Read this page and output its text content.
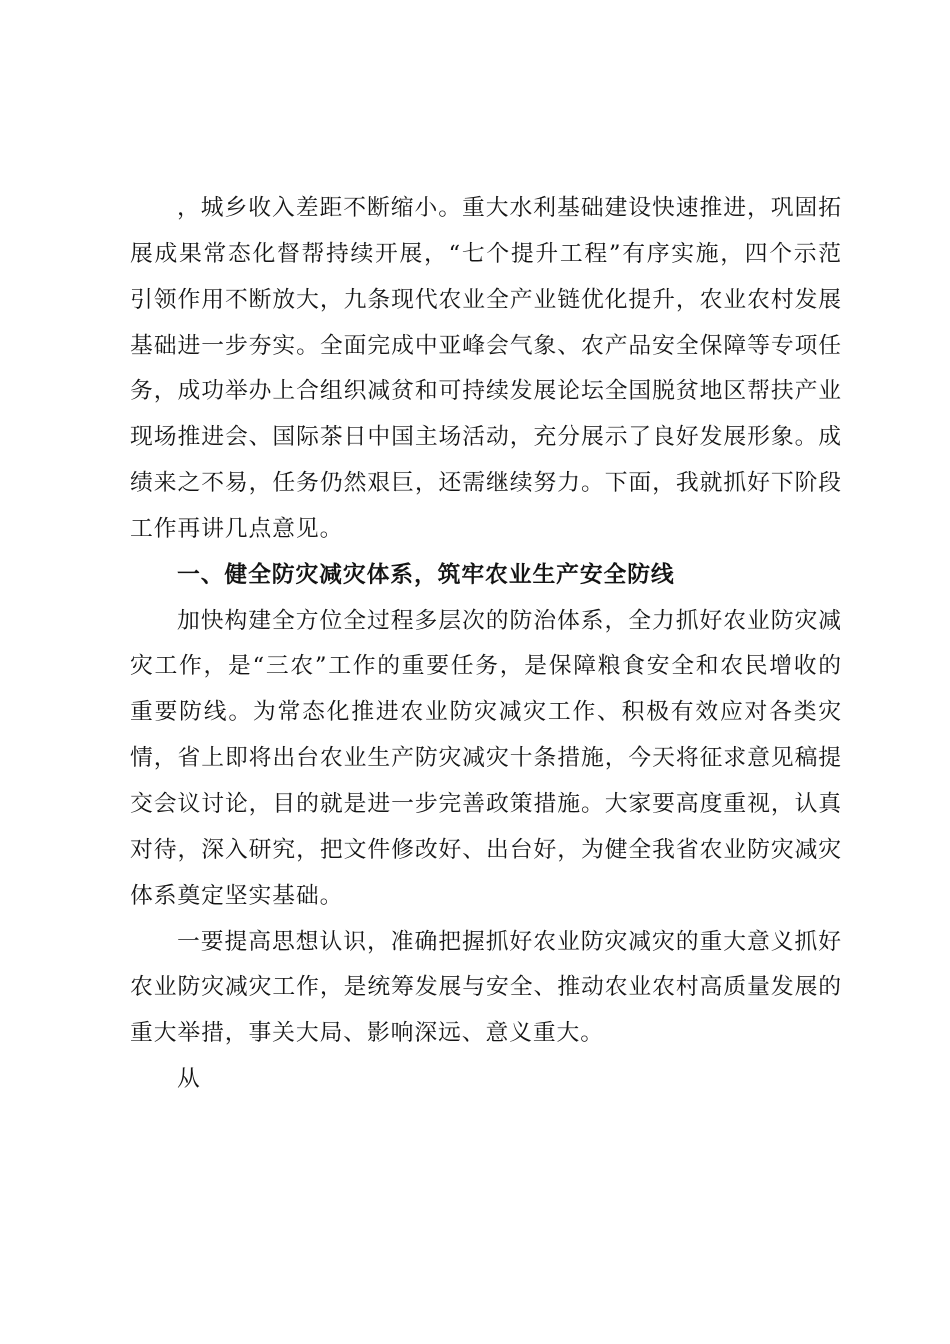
，城乡收入差距不断缩小。重大水利基础建设快速推进，巩固拓展成果常态化督帮持续开展，“七个提升工程”有序实施，四个示范引领作用不断放大，九条现代农业全产业链优化提升，农业农村发展基础进一步夯实。全面完成中亚峰会气象、农产品安全保障等专项任务，成功举办上合组织减贫和可持续发展论坛全国脱贫地区帮扶产业现场推进会、国际茶日中国主场活动，充分展示了良好发展形象。成绩来之不易，任务仍然艰巨，还需继续努力。下面，我就抓好下阶段工作再讲几点意见。

一、健全防灾减灾体系，筑牢农业生产安全防线

加快构建全方位全过程多层次的防治体系，全力抓好农业防灾减灾工作，是“三农”工作的重要任务，是保障粮食安全和农民增收的重要防线。为常态化推进农业防灾减灾工作、积极有效应对各类灾情，省上即将出台农业生产防灾减灾十条措施，今天将征求意见稿提交会议讨论，目的就是进一步完善政策措施。大家要高度重视，认真对待，深入研究，把文件修改好、出台好，为健全我省农业防灾减灾体系奠定坚实基础。

一要提高思想认识，准确把握抓好农业防灾减灾的重大意义抓好农业防灾减灾工作，是统筹发展与安全、推动农业农村高质量发展的重大举措，事关大局、影响深远、意义重大。

从
